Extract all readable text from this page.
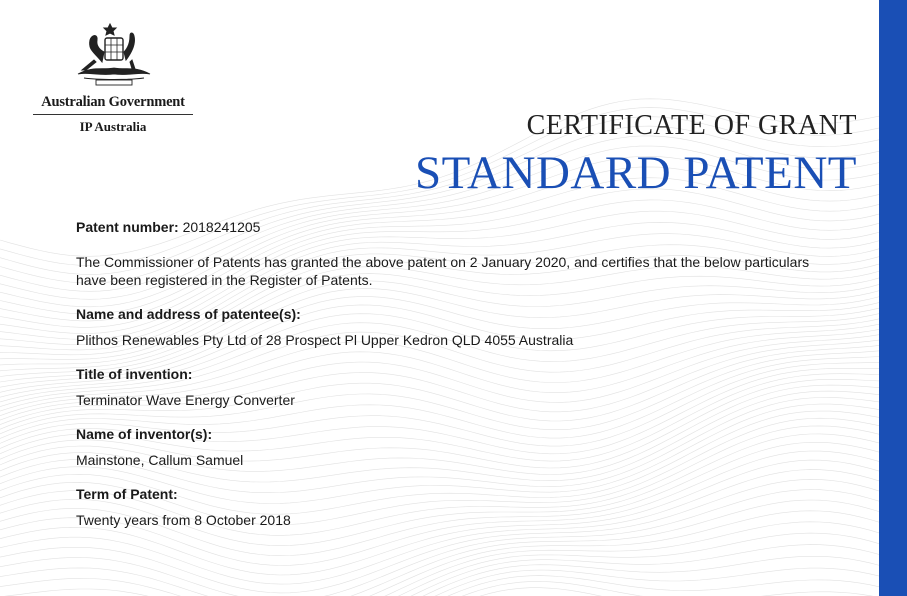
Australian Government
IP Australia	CERTIFICATE OF GRANT
STANDARD PATENT

Patent number: 2018241205

The Commissioner of Patents has granted the above patent on 2 January 2020, and certifies that the below particulars have been registered in the Register of Patents.

Name and address of patentee(s):
Plithos Renewables Pty Ltd of 28 Prospect Pl Upper Kedron QLD 4055 Australia
Title of invention:
Terminator Wave Energy Converter
Name of inventor(s):
Mainstone, Callum Samuel
Term of Patent:
Twenty years from 8 October 2018
